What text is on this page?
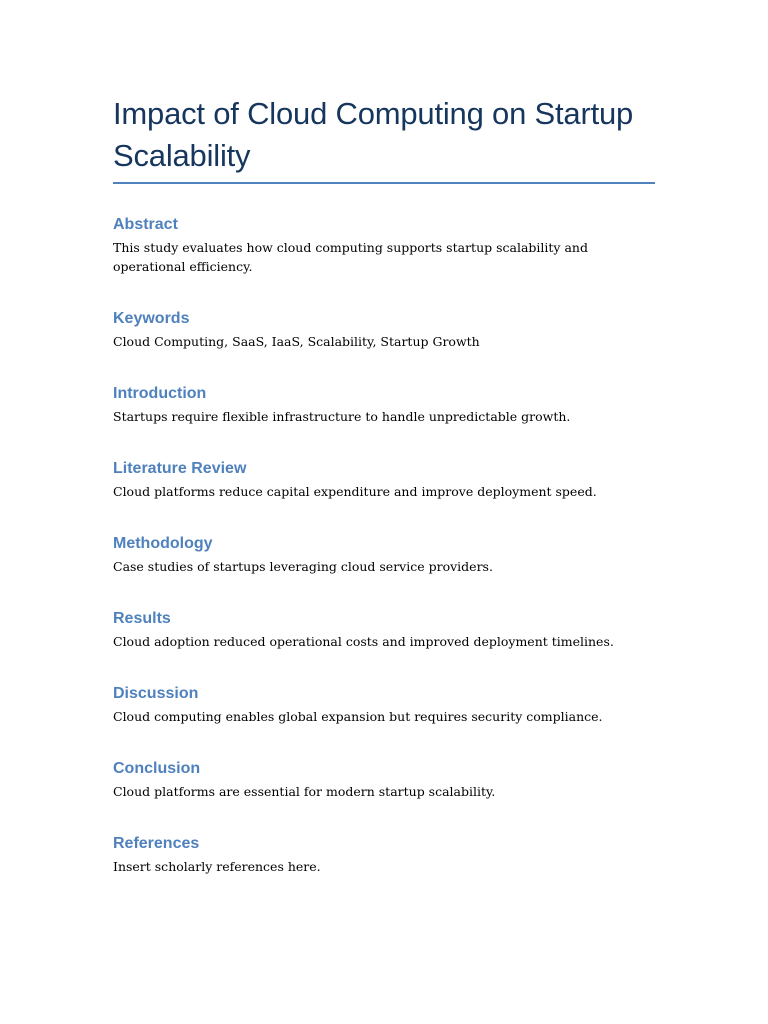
Impact of Cloud Computing on Startup Scalability
Abstract

This study evaluates how cloud computing supports startup scalability and operational efficiency.

Keywords

Cloud Computing, SaaS, IaaS, Scalability, Startup Growth

Introduction

Startups require flexible infrastructure to handle unpredictable growth.

Literature Review

Cloud platforms reduce capital expenditure and improve deployment speed.

Methodology

Case studies of startups leveraging cloud service providers.

Results

Cloud adoption reduced operational costs and improved deployment timelines.

Discussion

Cloud computing enables global expansion but requires security compliance.

Conclusion

Cloud platforms are essential for modern startup scalability.

References

Insert scholarly references here.
